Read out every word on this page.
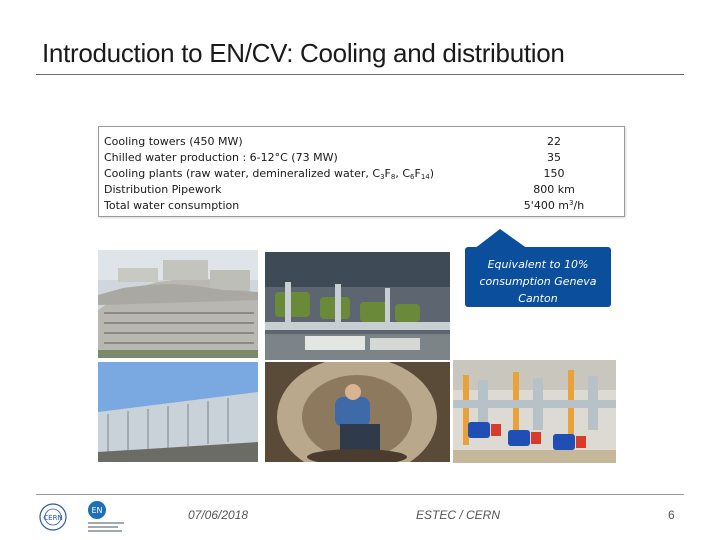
Introduction to EN/CV: Cooling and distribution
Cooling towers (450 MW)	22
Chilled water production : 6-12°C (73 MW)	35
Cooling plants (raw water, demineralized water, $C_3F_8$, $C_6F_{14}$)	150
Distribution Pipework	800 km
Total water consumption	5'400 $m^3/h$
Equivalent to 10%
consumption Geneva
Canton
CERN
EN	07/06/2018	ESTEC / CERN	6
